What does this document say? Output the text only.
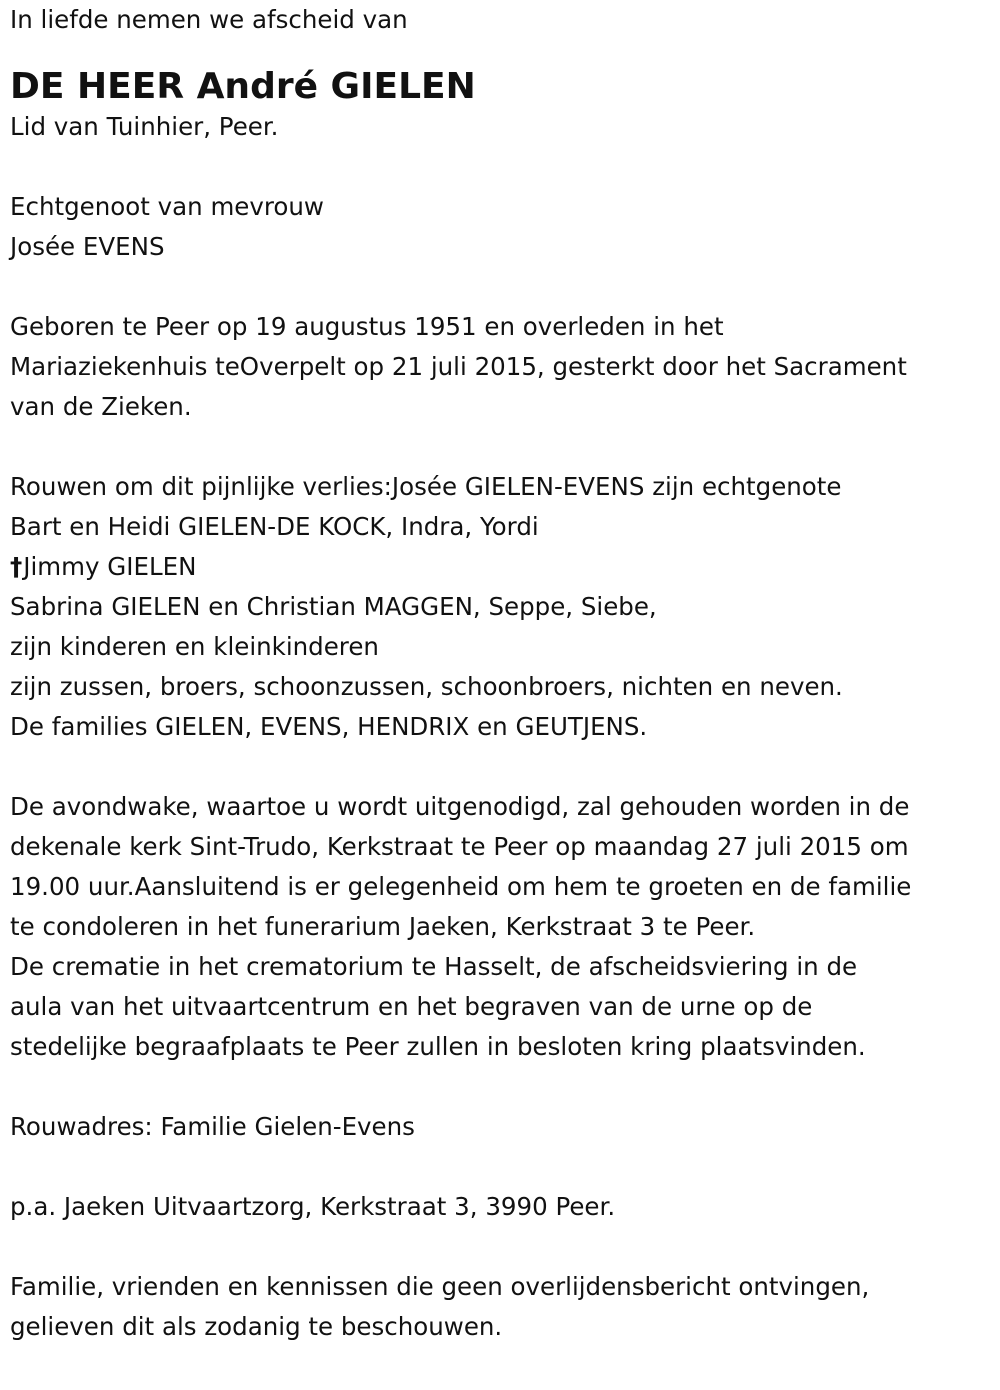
In liefde nemen we afscheid van

DE HEER André GIELEN

Lid van Tuinhier, Peer.

Echtgenoot van mevrouw

Josée EVENS

Geboren te Peer op 19 augustus 1951 en overleden in het

Mariaziekenhuis teOverpelt op 21 juli 2015, gesterkt door het Sacrament

van de Zieken.

Rouwen om dit pijnlijke verlies:Josée GIELEN-EVENS zijn echtgenote

Bart en Heidi GIELEN-DE KOCK, Indra, Yordi

† Jimmy GIELEN

Sabrina GIELEN en Christian MAGGEN, Seppe, Siebe,

zijn kinderen en kleinkinderen

zijn zussen, broers, schoonzussen, schoonbroers, nichten en neven.

De families GIELEN, EVENS, HENDRIX en GEUTJENS.

De avondwake, waartoe u wordt uitgenodigd, zal gehouden worden in de

dekenale kerk Sint-Trudo, Kerkstraat te Peer op maandag 27 juli 2015 om

19.00 uur.Aansluitend is er gelegenheid om hem te groeten en de familie

te condoleren in het funerarium Jaeken, Kerkstraat 3 te Peer.

De crematie in het crematorium te Hasselt, de afscheidsviering in de

aula van het uitvaartcentrum en het begraven van de urne op de

stedelijke begraafplaats te Peer zullen in besloten kring plaatsvinden.

Rouwadres: Familie Gielen-Evens

p.a. Jaeken Uitvaartzorg, Kerkstraat 3, 3990 Peer.

Familie, vrienden en kennissen die geen overlijdensbericht ontvingen,

gelieven dit als zodanig te beschouwen.
